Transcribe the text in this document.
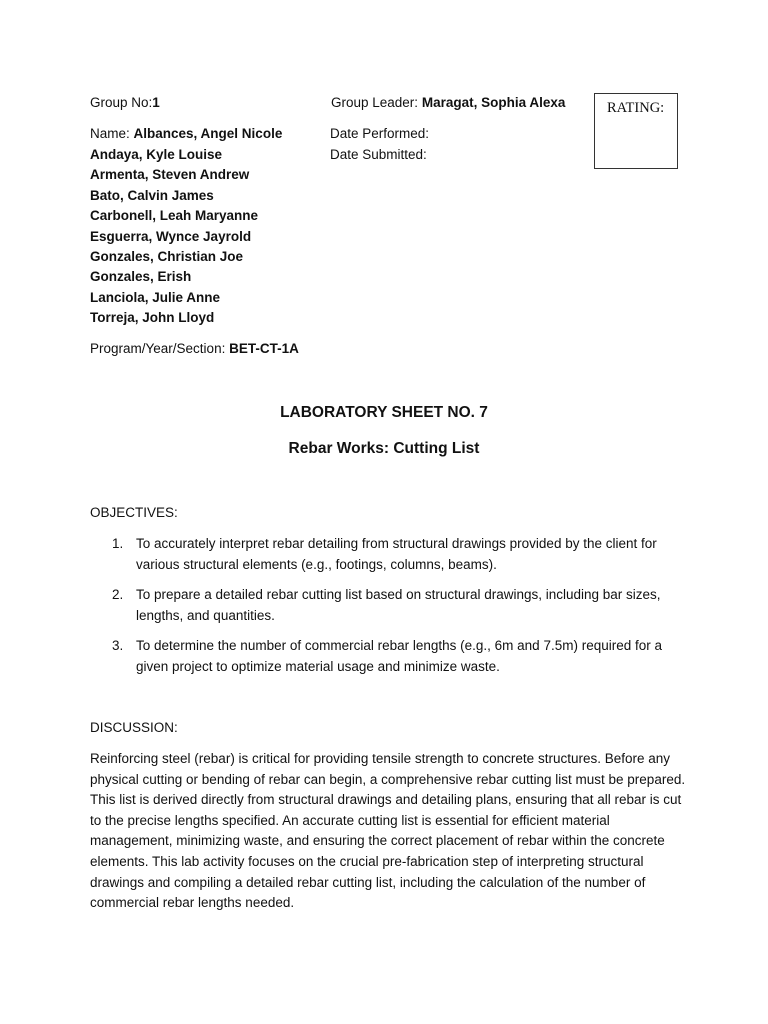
Group No:1	Group Leader: Maragat, Sophia Alexa	RATING:
Name: Albances, Angel Nicole
Andaya, Kyle Louise
Armenta, Steven Andrew
Bato, Calvin James
Carbonell, Leah Maryanne
Esguerra, Wynce Jayrold
Gonzales, Christian Joe
Gonzales, Erish
Lanciola, Julie Anne
Torreja, John Lloyd
Date Performed:
Date Submitted:
Program/Year/Section: BET-CT-1A
LABORATORY SHEET NO. 7
Rebar Works: Cutting List
OBJECTIVES:
1. To accurately interpret rebar detailing from structural drawings provided by the client for various structural elements (e.g., footings, columns, beams).
2. To prepare a detailed rebar cutting list based on structural drawings, including bar sizes, lengths, and quantities.
3. To determine the number of commercial rebar lengths (e.g., 6m and 7.5m) required for a given project to optimize material usage and minimize waste.
DISCUSSION:
Reinforcing steel (rebar) is critical for providing tensile strength to concrete structures. Before any physical cutting or bending of rebar can begin, a comprehensive rebar cutting list must be prepared. This list is derived directly from structural drawings and detailing plans, ensuring that all rebar is cut to the precise lengths specified. An accurate cutting list is essential for efficient material management, minimizing waste, and ensuring the correct placement of rebar within the concrete elements. This lab activity focuses on the crucial pre-fabrication step of interpreting structural drawings and compiling a detailed rebar cutting list, including the calculation of the number of commercial rebar lengths needed.
